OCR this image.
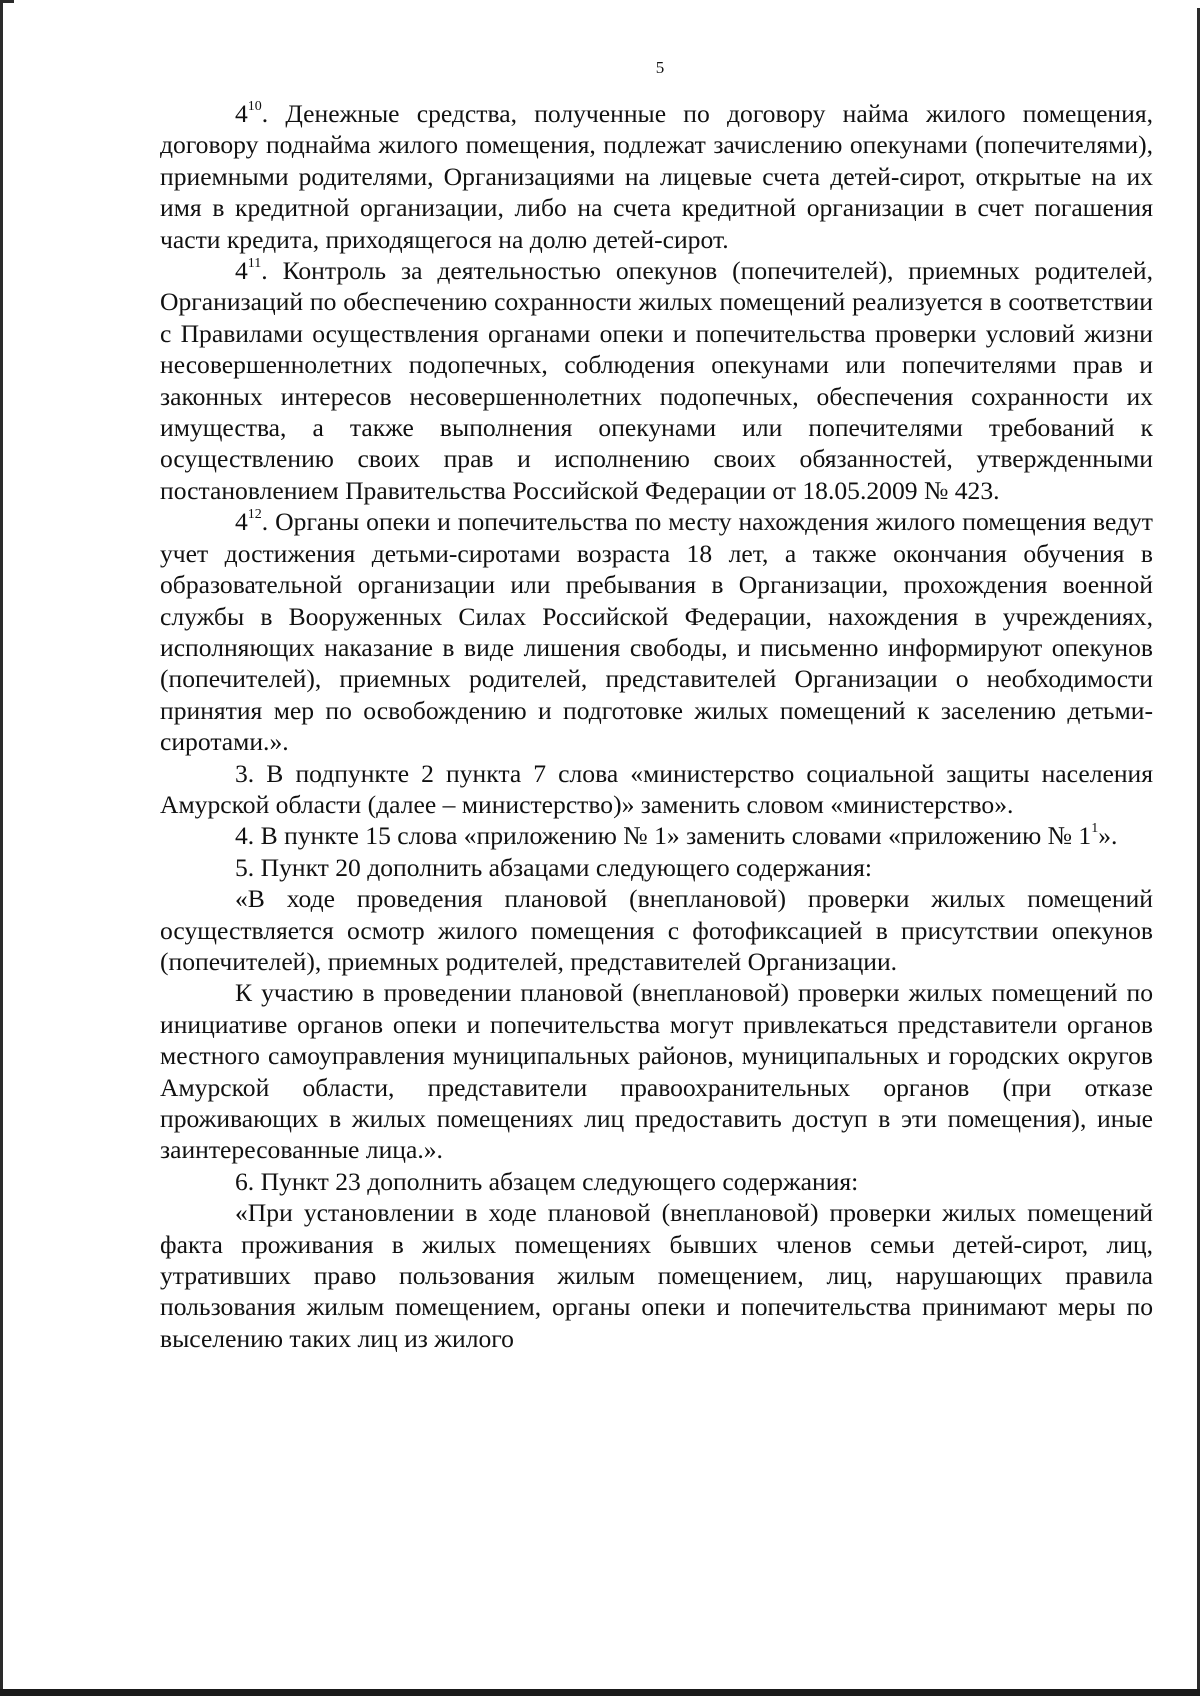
5

$4^{10}$. Денежные средства, полученные по договору найма жилого помещения, договору поднайма жилого помещения, подлежат зачислению опекунами (попечителями), приемными родителями, Организациями на лицевые счета детей-сирот, открытые на их имя в кредитной организации, либо на счета кредитной организации в счет погашения части кредита, приходящегося на долю детей-сирот.

$4^{11}$. Контроль за деятельностью опекунов (попечителей), приемных родителей, Организаций по обеспечению сохранности жилых помещений реализуется в соответствии с Правилами осуществления органами опеки и попечительства проверки условий жизни несовершеннолетних подопечных, соблюдения опекунами или попечителями прав и законных интересов несовершеннолетних подопечных, обеспечения сохранности их имущества, а также выполнения опекунами или попечителями требований к осуществлению своих прав и исполнению своих обязанностей, утвержденными постановлением Правительства Российской Федерации от 18.05.2009 № 423.

$4^{12}$. Органы опеки и попечительства по месту нахождения жилого помещения ведут учет достижения детьми-сиротами возраста 18 лет, а также окончания обучения в образовательной организации или пребывания в Организации, прохождения военной службы в Вооруженных Силах Российской Федерации, нахождения в учреждениях, исполняющих наказание в виде лишения свободы, и письменно информируют опекунов (попечителей), приемных родителей, представителей Организации о необходимости принятия мер по освобождению и подготовке жилых помещений к заселению детьми-сиротами.».

3. В подпункте 2 пункта 7 слова «министерство социальной защиты населения Амурской области (далее – министерство)» заменить словом «министерство».

4. В пункте 15 слова «приложению № 1» заменить словами «приложению № $1^1$».

5. Пункт 20 дополнить абзацами следующего содержания:

«В ходе проведения плановой (внеплановой) проверки жилых помещений осуществляется осмотр жилого помещения с фотофиксацией в присутствии опекунов (попечителей), приемных родителей, представителей Организации.

К участию в проведении плановой (внеплановой) проверки жилых помещений по инициативе органов опеки и попечительства могут привлекаться представители органов местного самоуправления муниципальных районов, муниципальных и городских округов Амурской области, представители правоохранительных органов (при отказе проживающих в жилых помещениях лиц предоставить доступ в эти помещения), иные заинтересованные лица.».

6. Пункт 23 дополнить абзацем следующего содержания:

«При установлении в ходе плановой (внеплановой) проверки жилых помещений факта проживания в жилых помещениях бывших членов семьи детей-сирот, лиц, утративших право пользования жилым помещением, лиц, нарушающих правила пользования жилым помещением, органы опеки и попечительства принимают меры по выселению таких лиц из жилого
